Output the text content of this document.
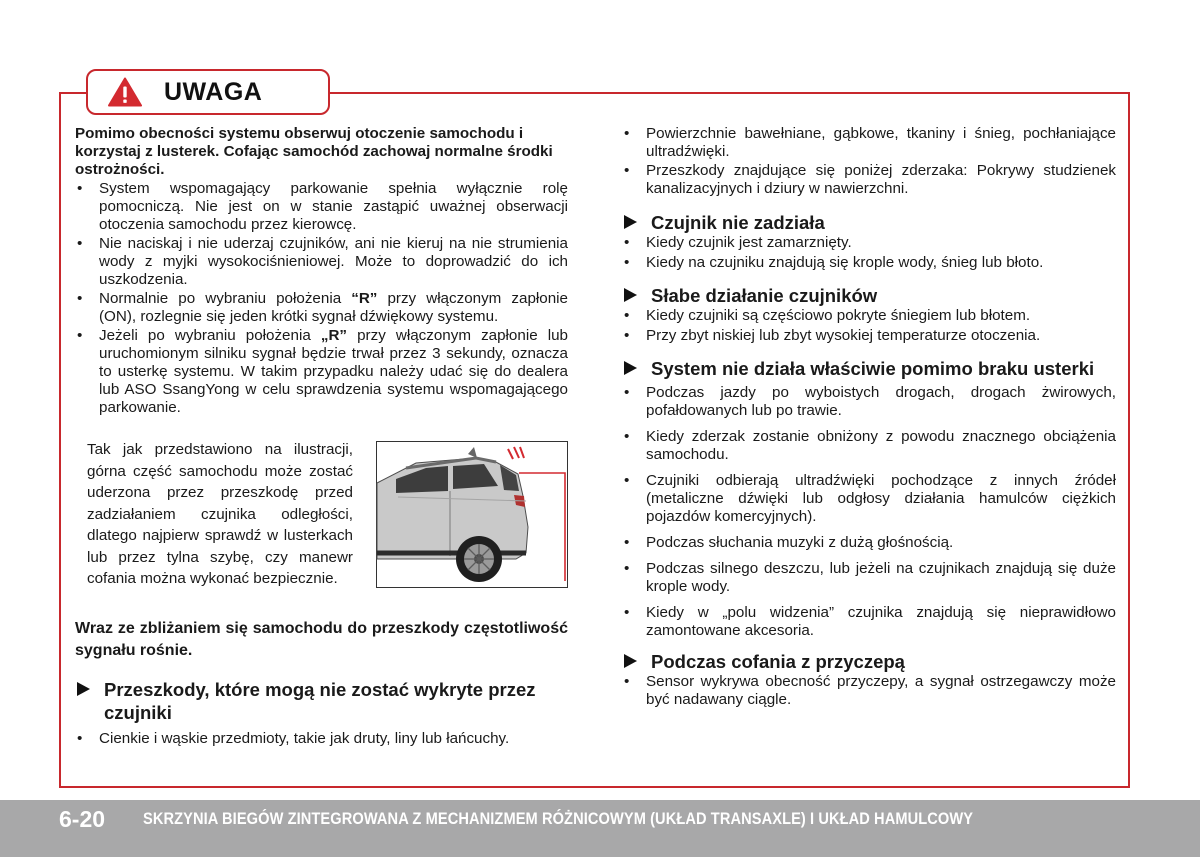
UWAGA

Pomimo obecności systemu obserwuj otoczenie samochodu i korzystaj z lusterek. Cofając samochód zachowaj normalne środki ostrożności.

• System wspomagający parkowanie spełnia wyłącznie rolę pomocniczą. Nie jest on w stanie zastąpić uważnej obserwacji otoczenia samochodu przez kierowcę.
• Nie naciskaj i nie uderzaj czujników, ani nie kieruj na nie strumienia wody z myjki wysokociśnieniowej. Może to doprowadzić do ich uszkodzenia.
• Normalnie po wybraniu położenia “R” przy włączonym zapłonie (ON), rozlegnie się jeden krótki sygnał dźwiękowy systemu.
• Jeżeli po wybraniu położenia „R” przy włączonym zapłonie lub uruchomionym silniku sygnał będzie trwał przez 3 sekundy, oznacza to usterkę systemu. W takim przypadku należy udać się do dealera lub ASO SsangYong w celu sprawdzenia systemu wspomagającego parkowanie.

Tak jak przedstawiono na ilustracji, górna część samochodu może zostać uderzona przez przeszkodę przed zadziałaniem czujnika odległości, dlatego najpierw sprawdź w lusterkach lub przez tylna szybę, czy manewr cofania można wykonać bezpiecznie.

Wraz ze zbliżaniem się samochodu do przeszkody częstotliwość sygnału rośnie.

Przeszkody, które mogą nie zostać wykryte przez czujniki
• Cienkie i wąskie przedmioty, takie jak druty, liny lub łańcuchy.
• Powierzchnie bawełniane, gąbkowe, tkaniny i śnieg, pochłaniające ultradźwięki.
• Przeszkody znajdujące się poniżej zderzaka: Pokrywy studzienek kanalizacyjnych i dziury w nawierzchni.
Czujnik nie zadziała
• Kiedy czujnik jest zamarznięty.
• Kiedy na czujniku znajdują się krople wody, śnieg lub błoto.
Słabe działanie czujników
• Kiedy czujniki są częściowo pokryte śniegiem lub błotem.
• Przy zbyt niskiej lub zbyt wysokiej temperaturze otoczenia.
System nie działa właściwie pomimo braku usterki
• Podczas jazdy po wyboistych drogach, drogach żwirowych, pofałdowanych lub po trawie.
• Kiedy zderzak zostanie obniżony z powodu znacznego obciążenia samochodu.
• Czujniki odbierają ultradźwięki pochodzące z innych źródeł (metaliczne dźwięki lub odgłosy działania hamulców ciężkich pojazdów komercyjnych).
• Podczas słuchania muzyki z dużą głośnością.
• Podczas silnego deszczu, lub jeżeli na czujnikach znajdują się duże krople wody.
• Kiedy w „polu widzenia” czujnika znajdują się nieprawidłowo zamontowane akcesoria.
Podczas cofania z przyczepą
• Sensor wykrywa obecność przyczepy, a sygnał ostrzegawczy może być nadawany ciągle.
6-20 SKRZYNIA BIEGÓW ZINTEGROWANA Z MECHANIZMEM RÓŻNICOWYM (UKŁAD TRANSAXLE) I UKŁAD HAMULCOWY
